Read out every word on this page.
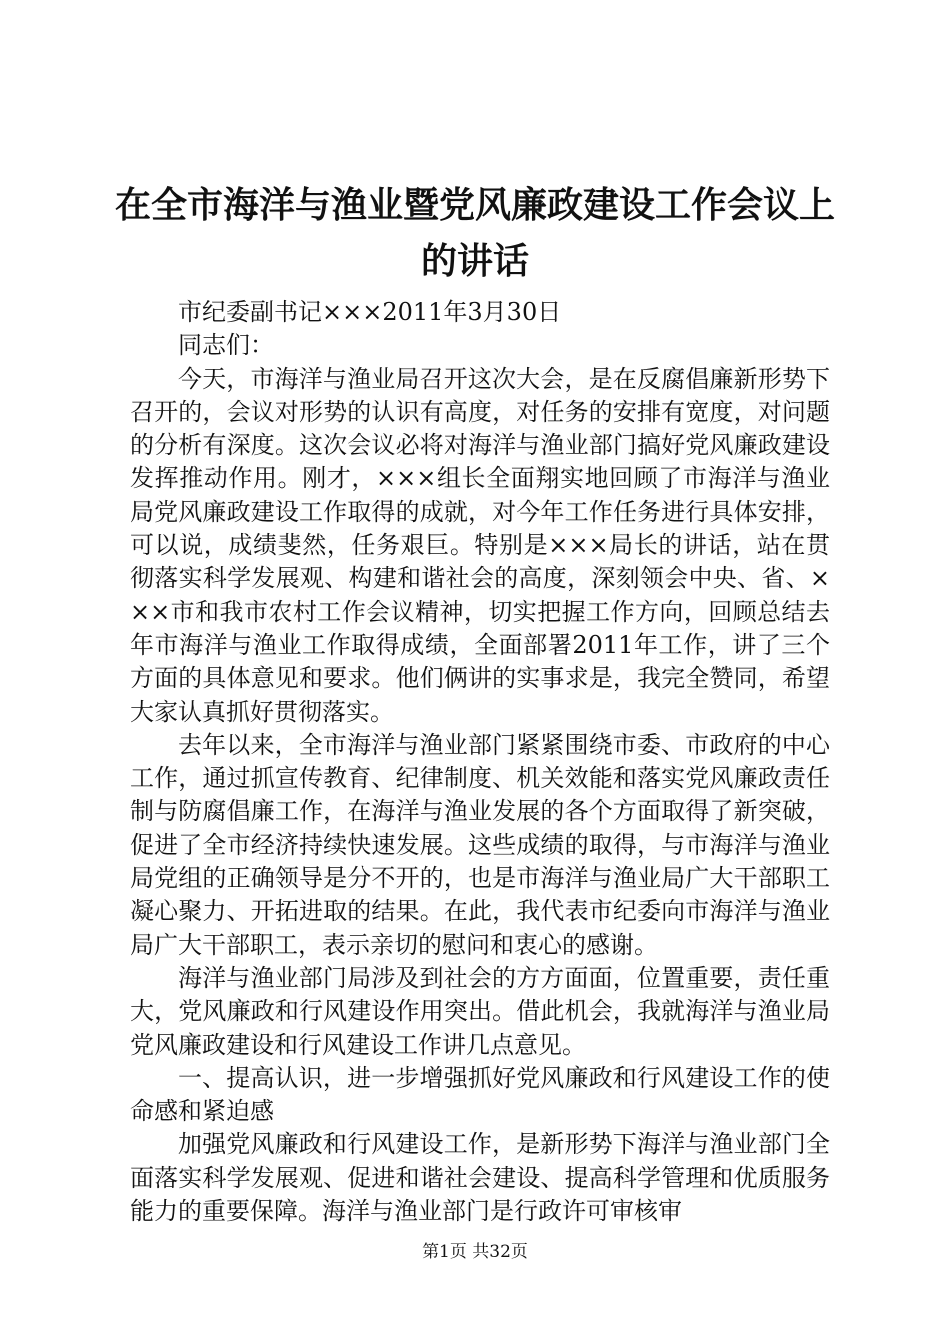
在全市海洋与渔业暨党风廉政建设工作会议上的讲话

市纪委副书记×××2011年3月30日

同志们：

今天，市海洋与渔业局召开这次大会，是在反腐倡廉新形势下召开的，会议对形势的认识有高度，对任务的安排有宽度，对问题的分析有深度。这次会议必将对海洋与渔业部门搞好党风廉政建设发挥推动作用。刚才，×××组长全面翔实地回顾了市海洋与渔业局党风廉政建设工作取得的成就，对今年工作任务进行具体安排，可以说，成绩斐然，任务艰巨。特别是×××局长的讲话，站在贯彻落实科学发展观、构建和谐社会的高度，深刻领会中央、省、×××市和我市农村工作会议精神，切实把握工作方向，回顾总结去年市海洋与渔业工作取得成绩，全面部署2011年工作，讲了三个方面的具体意见和要求。他们俩讲的实事求是，我完全赞同，希望大家认真抓好贯彻落实。

去年以来，全市海洋与渔业部门紧紧围绕市委、市政府的中心工作，通过抓宣传教育、纪律制度、机关效能和落实党风廉政责任制与防腐倡廉工作，在海洋与渔业发展的各个方面取得了新突破，促进了全市经济持续快速发展。这些成绩的取得，与市海洋与渔业局党组的正确领导是分不开的，也是市海洋与渔业局广大干部职工凝心聚力、开拓进取的结果。在此，我代表市纪委向市海洋与渔业局广大干部职工，表示亲切的慰问和衷心的感谢。

海洋与渔业部门局涉及到社会的方方面面，位置重要，责任重大，党风廉政和行风建设作用突出。借此机会，我就海洋与渔业局党风廉政建设和行风建设工作讲几点意见。

一、提高认识，进一步增强抓好党风廉政和行风建设工作的使命感和紧迫感

加强党风廉政和行风建设工作，是新形势下海洋与渔业部门全面落实科学发展观、促进和谐社会建设、提高科学管理和优质服务能力的重要保障。海洋与渔业部门是行政许可审核审

第1页 共32页
